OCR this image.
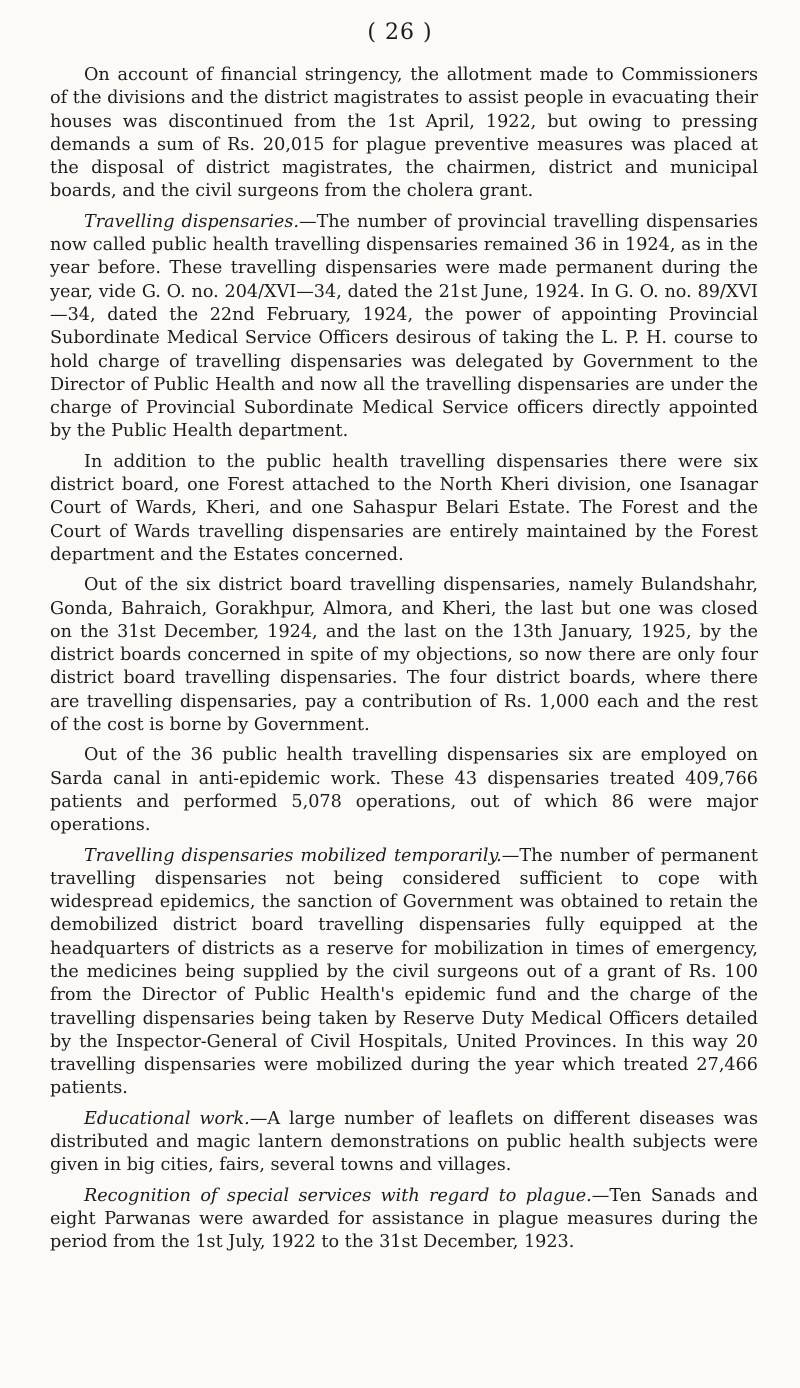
( 26 )

On account of financial stringency, the allotment made to Commissioners of the divisions and the district magistrates to assist people in evacuating their houses was discontinued from the 1st April, 1922, but owing to pressing demands a sum of Rs. 20,015 for plague preventive measures was placed at the disposal of district magistrates, the chairmen, district and municipal boards, and the civil surgeons from the cholera grant.

Travelling dispensaries.—The number of provincial travelling dispensaries now called public health travelling dispensaries remained 36 in 1924, as in the year before. These travelling dispensaries were made permanent during the year, vide G. O. no. 204/XVI—34, dated the 21st June, 1924. In G. O. no. 89/XVI—34, dated the 22nd February, 1924, the power of appointing Provincial Subordinate Medical Service Officers desirous of taking the L. P. H. course to hold charge of travelling dispensaries was delegated by Government to the Director of Public Health and now all the travelling dispensaries are under the charge of Provincial Subordinate Medical Service officers directly appointed by the Public Health department.

In addition to the public health travelling dispensaries there were six district board, one Forest attached to the North Kheri division, one Isanagar Court of Wards, Kheri, and one Sahaspur Belari Estate. The Forest and the Court of Wards travelling dispensaries are entirely maintained by the Forest department and the Estates concerned.

Out of the six district board travelling dispensaries, namely Bulandshahr, Gonda, Bahraich, Gorakhpur, Almora, and Kheri, the last but one was closed on the 31st December, 1924, and the last on the 13th January, 1925, by the district boards concerned in spite of my objections, so now there are only four district board travelling dispensaries. The four district boards, where there are travelling dispensaries, pay a contribution of Rs. 1,000 each and the rest of the cost is borne by Government.

Out of the 36 public health travelling dispensaries six are employed on Sarda canal in anti-epidemic work. These 43 dispensaries treated 409,766 patients and performed 5,078 operations, out of which 86 were major operations.

Travelling dispensaries mobilized temporarily.—The number of permanent travelling dispensaries not being considered sufficient to cope with widespread epidemics, the sanction of Government was obtained to retain the demobilized district board travelling dispensaries fully equipped at the headquarters of districts as a reserve for mobilization in times of emergency, the medicines being supplied by the civil surgeons out of a grant of Rs. 100 from the Director of Public Health's epidemic fund and the charge of the travelling dispensaries being taken by Reserve Duty Medical Officers detailed by the Inspector-General of Civil Hospitals, United Provinces. In this way 20 travelling dispensaries were mobilized during the year which treated 27,466 patients.

Educational work.—A large number of leaflets on different diseases was distributed and magic lantern demonstrations on public health subjects were given in big cities, fairs, several towns and villages.

Recognition of special services with regard to plague.—Ten Sanads and eight Parwanas were awarded for assistance in plague measures during the period from the 1st July, 1922 to the 31st December, 1923.
